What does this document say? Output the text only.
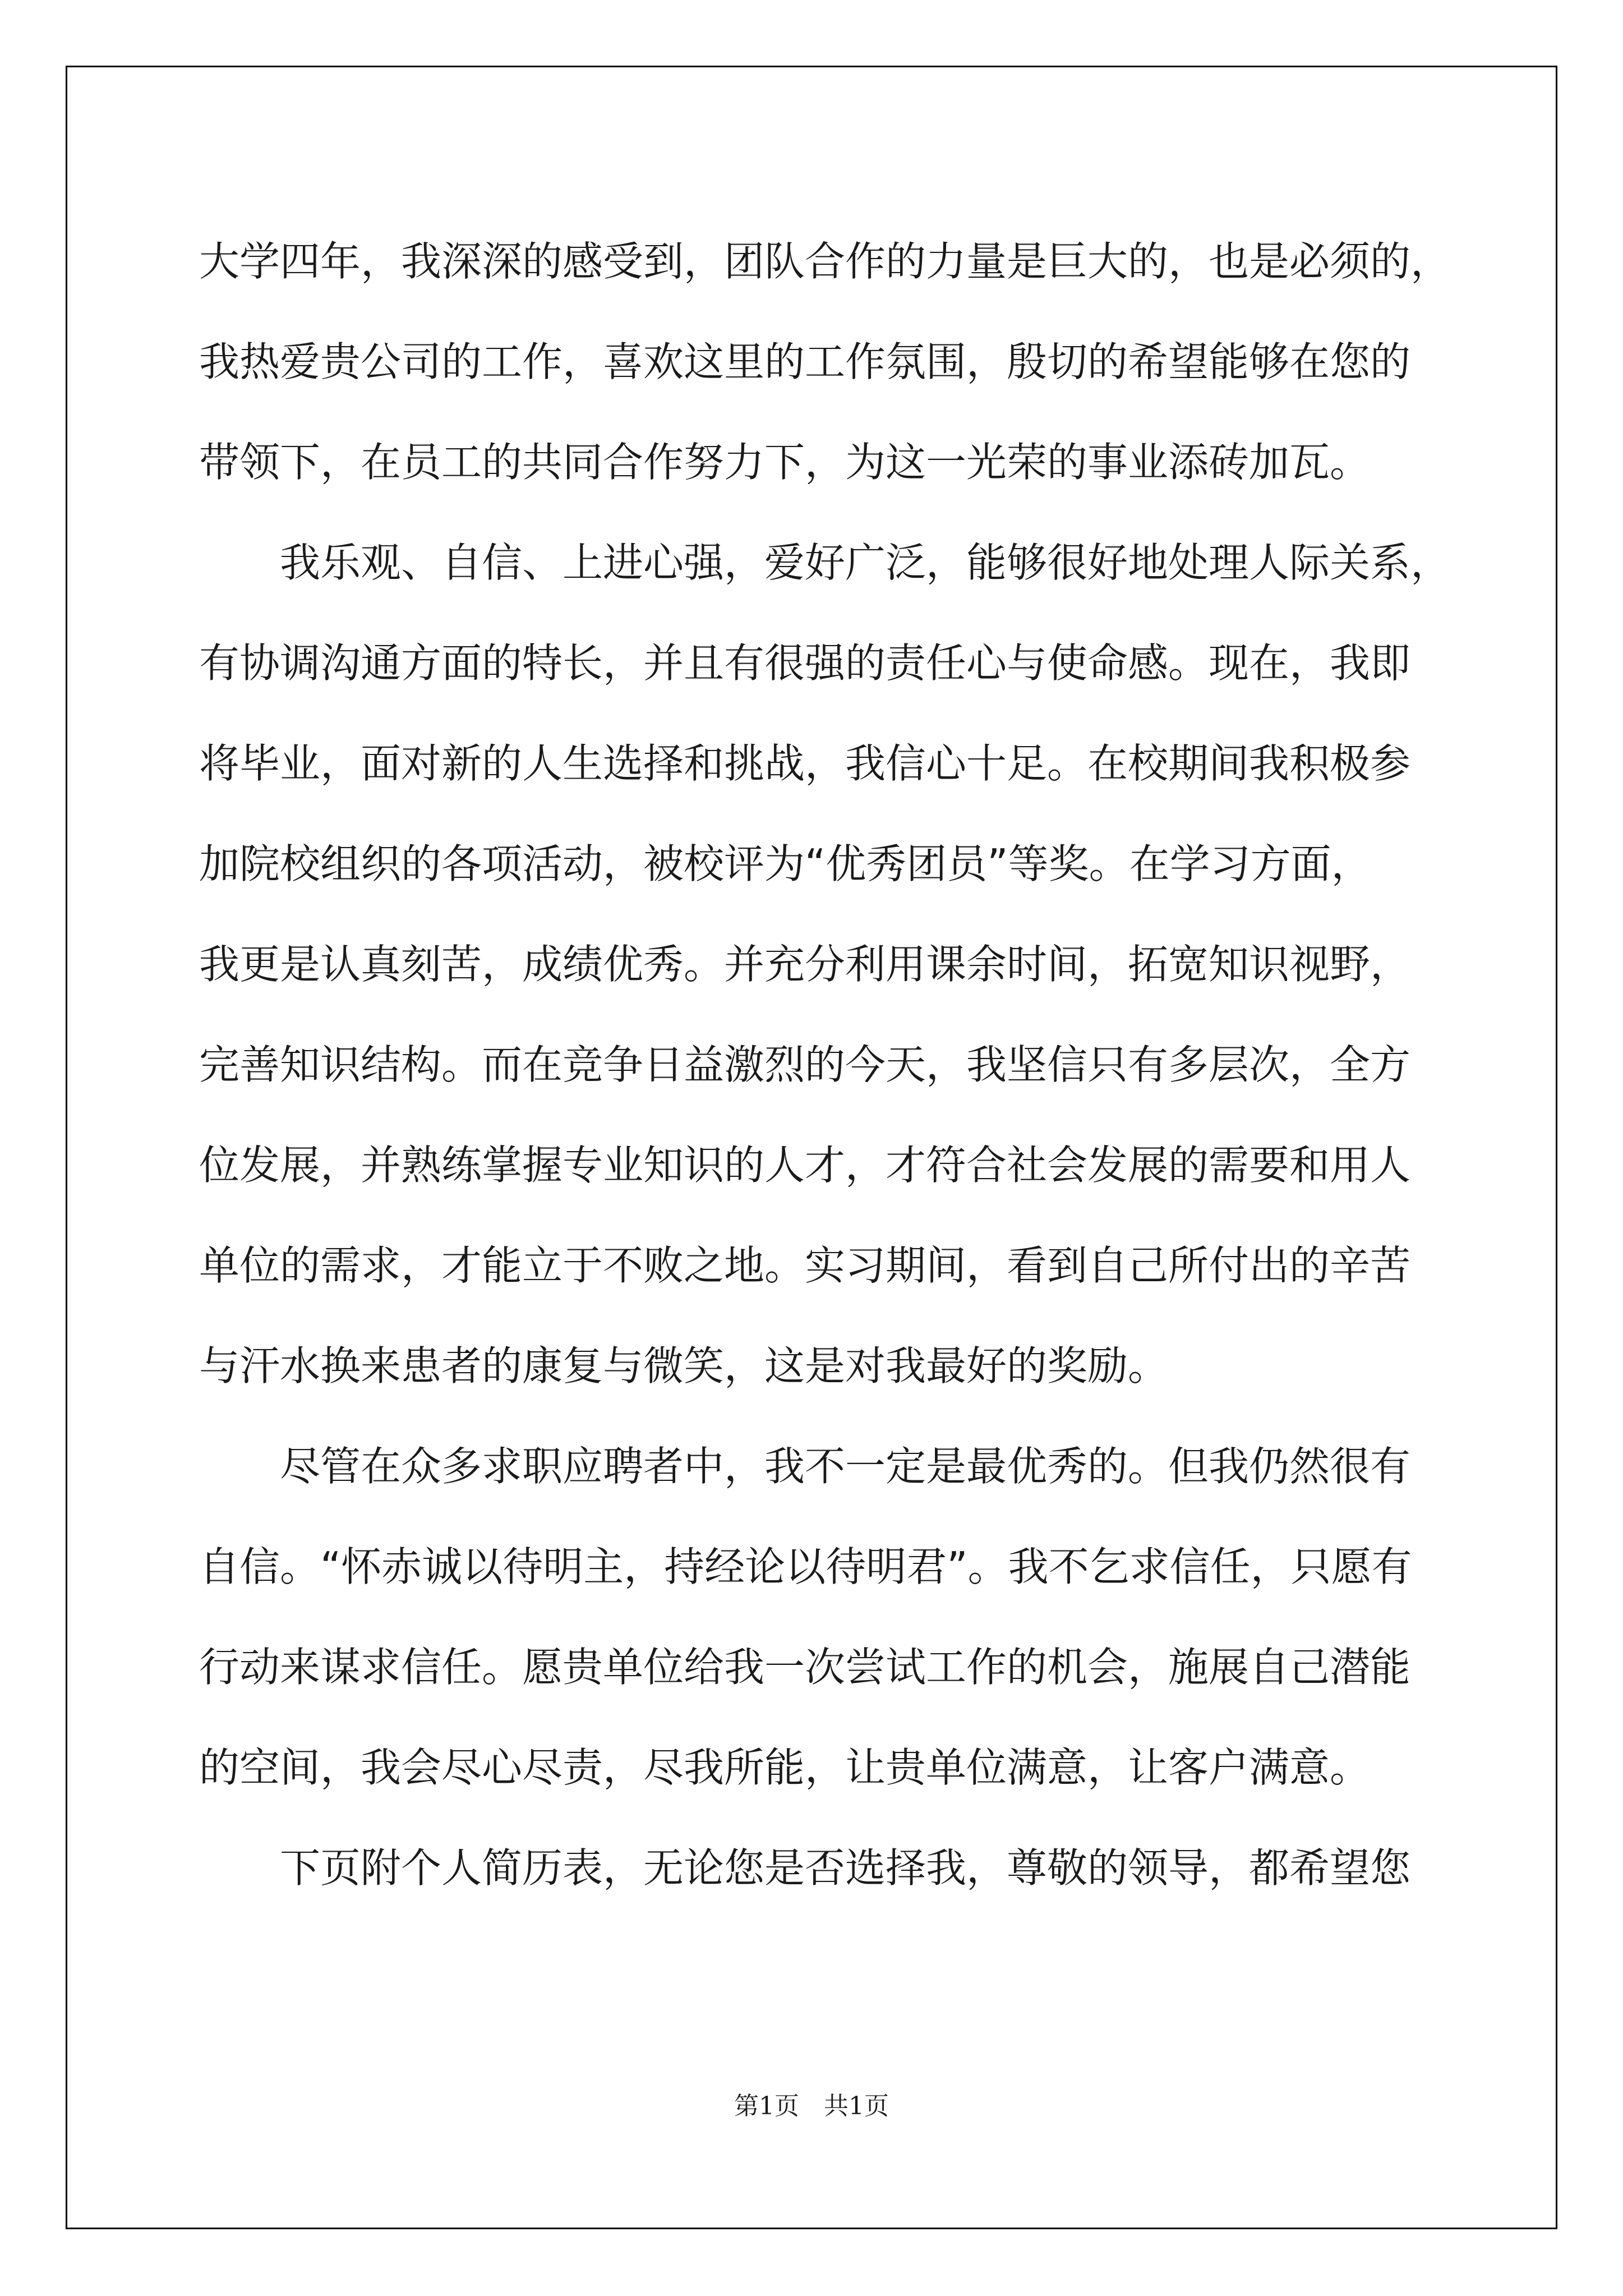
大学四年，我深深的感受到，团队合作的力量是巨大的，也是必须的，
我热爱贵公司的工作，喜欢这里的工作氛围，殷切的希望能够在您的
带领下，在员工的共同合作努力下，为这一光荣的事业添砖加瓦。
我乐观、自信、上进心强，爱好广泛，能够很好地处理人际关系，
有协调沟通方面的特长，并且有很强的责任心与使命感。现在，我即
将毕业，面对新的人生选择和挑战，我信心十足。在校期间我积极参
加院校组织的各项活动，被校评为“优秀团员”等奖。在学习方面，
我更是认真刻苦，成绩优秀。并充分利用课余时间，拓宽知识视野，
完善知识结构。而在竞争日益激烈的今天，我坚信只有多层次，全方
位发展，并熟练掌握专业知识的人才，才符合社会发展的需要和用人
单位的需求，才能立于不败之地。实习期间，看到自己所付出的辛苦
与汗水换来患者的康复与微笑，这是对我最好的奖励。
尽管在众多求职应聘者中，我不一定是最优秀的。但我仍然很有
自信。“怀赤诚以待明主，持经论以待明君”。我不乞求信任，只愿有
行动来谋求信任。愿贵单位给我一次尝试工作的机会，施展自己潜能
的空间，我会尽心尽责，尽我所能，让贵单位满意，让客户满意。
下页附个人简历表，无论您是否选择我，尊敬的领导，都希望您
第1页　共1页
